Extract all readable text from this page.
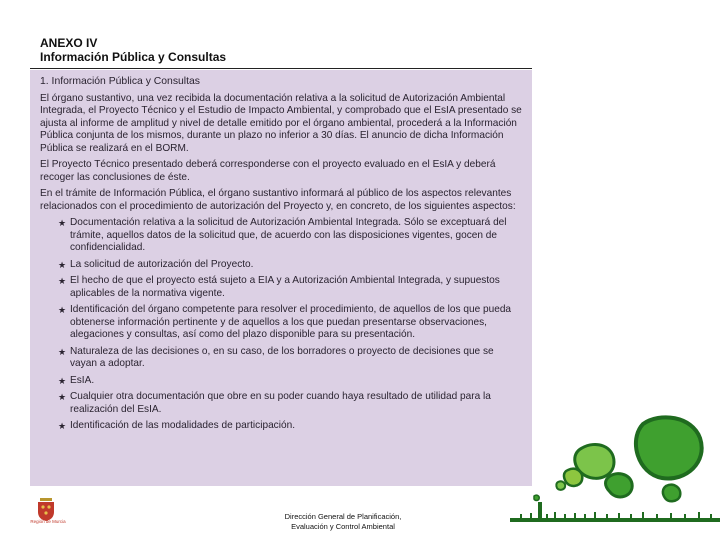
ANEXO IV
Información Pública y Consultas
1. Información Pública y Consultas

El órgano sustantivo, una vez recibida la documentación relativa a la solicitud de Autorización Ambiental Integrada, el Proyecto Técnico y el Estudio de Impacto Ambiental, y comprobado que el EsIA presentado se ajusta al informe de amplitud y nivel de detalle emitido por el órgano ambiental, procederá a la Información Pública conjunta de los mismos, durante un plazo no inferior a 30 días. El anuncio de dicha Información Pública se realizará en el BORM.

El Proyecto Técnico presentado deberá corresponderse con el proyecto evaluado en el EsIA y deberá recoger las conclusiones de éste.

En el trámite de Información Pública, el órgano sustantivo informará al público de los aspectos relevantes relacionados con el procedimiento de autorización del Proyecto y, en concreto, de los siguientes aspectos:

★ Documentación relativa a la solicitud de Autorización Ambiental Integrada. Sólo se exceptuará del trámite, aquellos datos de la solicitud que, de acuerdo con las disposiciones vigentes, gocen de confidencialidad.
★ La solicitud de autorización del Proyecto.
★ El hecho de que el proyecto está sujeto a EIA y a Autorización Ambiental Integrada, y supuestos aplicables de la normativa vigente.
★ Identificación del órgano competente para resolver el procedimiento, de aquellos de los que pueda obtenerse información pertinente y de aquellos a los que puedan presentarse observaciones, alegaciones y consultas, así como del plazo disponible para su presentación.
★ Naturaleza de las decisiones o, en su caso, de los borradores o proyecto de decisiones que se vayan a adoptar.
★ EsIA.
★ Cualquier otra documentación que obre en su poder cuando haya resultado de utilidad para la realización del EsIA.
★ Identificación de las modalidades de participación.
Región de Murcia
Dirección General de Planificación,
Evaluación y Control Ambiental
